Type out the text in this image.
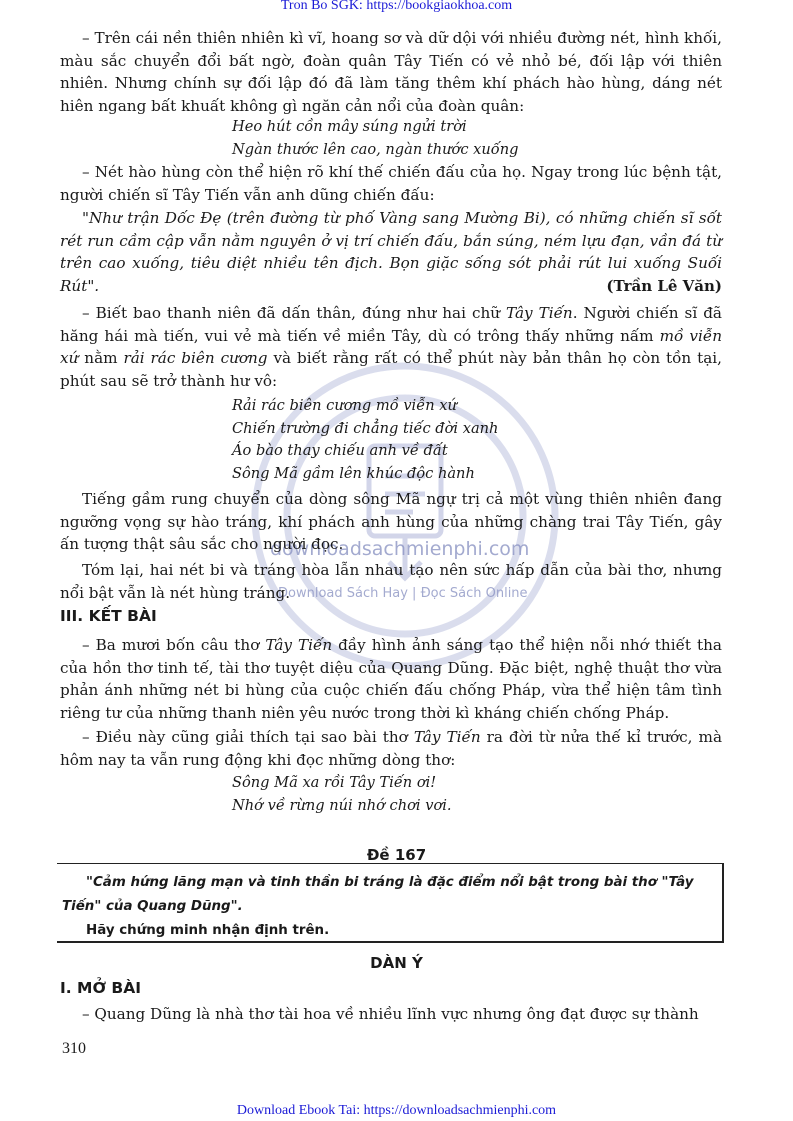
Tron Bo SGK: https://bookgiaokhoa.com
Download Ebook Tai: https://downloadsachmienphi.com
downloadsachmienphi.com
Download Sách Hay | Đọc Sách Online

– Trên cái nền thiên nhiên kì vĩ, hoang sơ và dữ dội với nhiều đường nét, hình khối, màu sắc chuyển đổi bất ngờ, đoàn quân Tây Tiến có vẻ nhỏ bé, đối lập với thiên nhiên. Nhưng chính sự đối lập đó đã làm tăng thêm khí phách hào hùng, dáng nét hiên ngang bất khuất không gì ngăn cản nổi của đoàn quân:

Heo hút cồn mây súng ngửi trời
Ngàn thước lên cao, ngàn thước xuống

– Nét hào hùng còn thể hiện rõ khí thế chiến đấu của họ. Ngay trong lúc bệnh tật, người chiến sĩ Tây Tiến vẫn anh dũng chiến đấu:

"Như trận Dốc Đẹ (trên đường từ phố Vàng sang Mường Bi), có những chiến sĩ sốt rét run cầm cập vẫn nằm nguyên ở vị trí chiến đấu, bắn súng, ném lựu đạn, vần đá từ trên cao xuống, tiêu diệt nhiều tên địch. Bọn giặc sống sót phải rút lui xuống Suối Rút".	(Trần Lê Văn)

– Biết bao thanh niên đã dấn thân, đúng như hai chữ Tây Tiến. Người chiến sĩ đã hăng hái mà tiến, vui vẻ mà tiến về miền Tây, dù có trông thấy những nấm mồ viễn xứ nằm rải rác biên cương và biết rằng rất có thể phút này bản thân họ còn tồn tại, phút sau sẽ trở thành hư vô:

Rải rác biên cương mồ viễn xứ
Chiến trường đi chẳng tiếc đời xanh
Áo bào thay chiếu anh về đất
Sông Mã gầm lên khúc độc hành

Tiếng gầm rung chuyển của dòng sông Mã ngự trị cả một vùng thiên nhiên đang ngưỡng vọng sự hào tráng, khí phách anh hùng của những chàng trai Tây Tiến, gây ấn tượng thật sâu sắc cho người đọc.

Tóm lại, hai nét bi và tráng hòa lẫn nhau tạo nên sức hấp dẫn của bài thơ, nhưng nổi bật vẫn là nét hùng tráng.

III. KẾT BÀI

– Ba mươi bốn câu thơ Tây Tiến đầy hình ảnh sáng tạo thể hiện nỗi nhớ thiết tha của hồn thơ tinh tế, tài thơ tuyệt diệu của Quang Dũng. Đặc biệt, nghệ thuật thơ vừa phản ánh những nét bi hùng của cuộc chiến đấu chống Pháp, vừa thể hiện tâm tình riêng tư của những thanh niên yêu nước trong thời kì kháng chiến chống Pháp.

– Điều này cũng giải thích tại sao bài thơ Tây Tiến ra đời từ nửa thế kỉ trước, mà hôm nay ta vẫn rung động khi đọc những dòng thơ:

Sông Mã xa rồi Tây Tiến ơi!
Nhớ về rừng núi nhớ chơi vơi.
Đề 167
"Cảm hứng lãng mạn và tinh thần bi tráng là đặc điểm nổi bật trong bài thơ "Tây Tiến" của Quang Dũng".
Hãy chứng minh nhận định trên.
DÀN Ý
I. MỞ BÀI

– Quang Dũng là nhà thơ tài hoa về nhiều lĩnh vực nhưng ông đạt được sự thành

310
